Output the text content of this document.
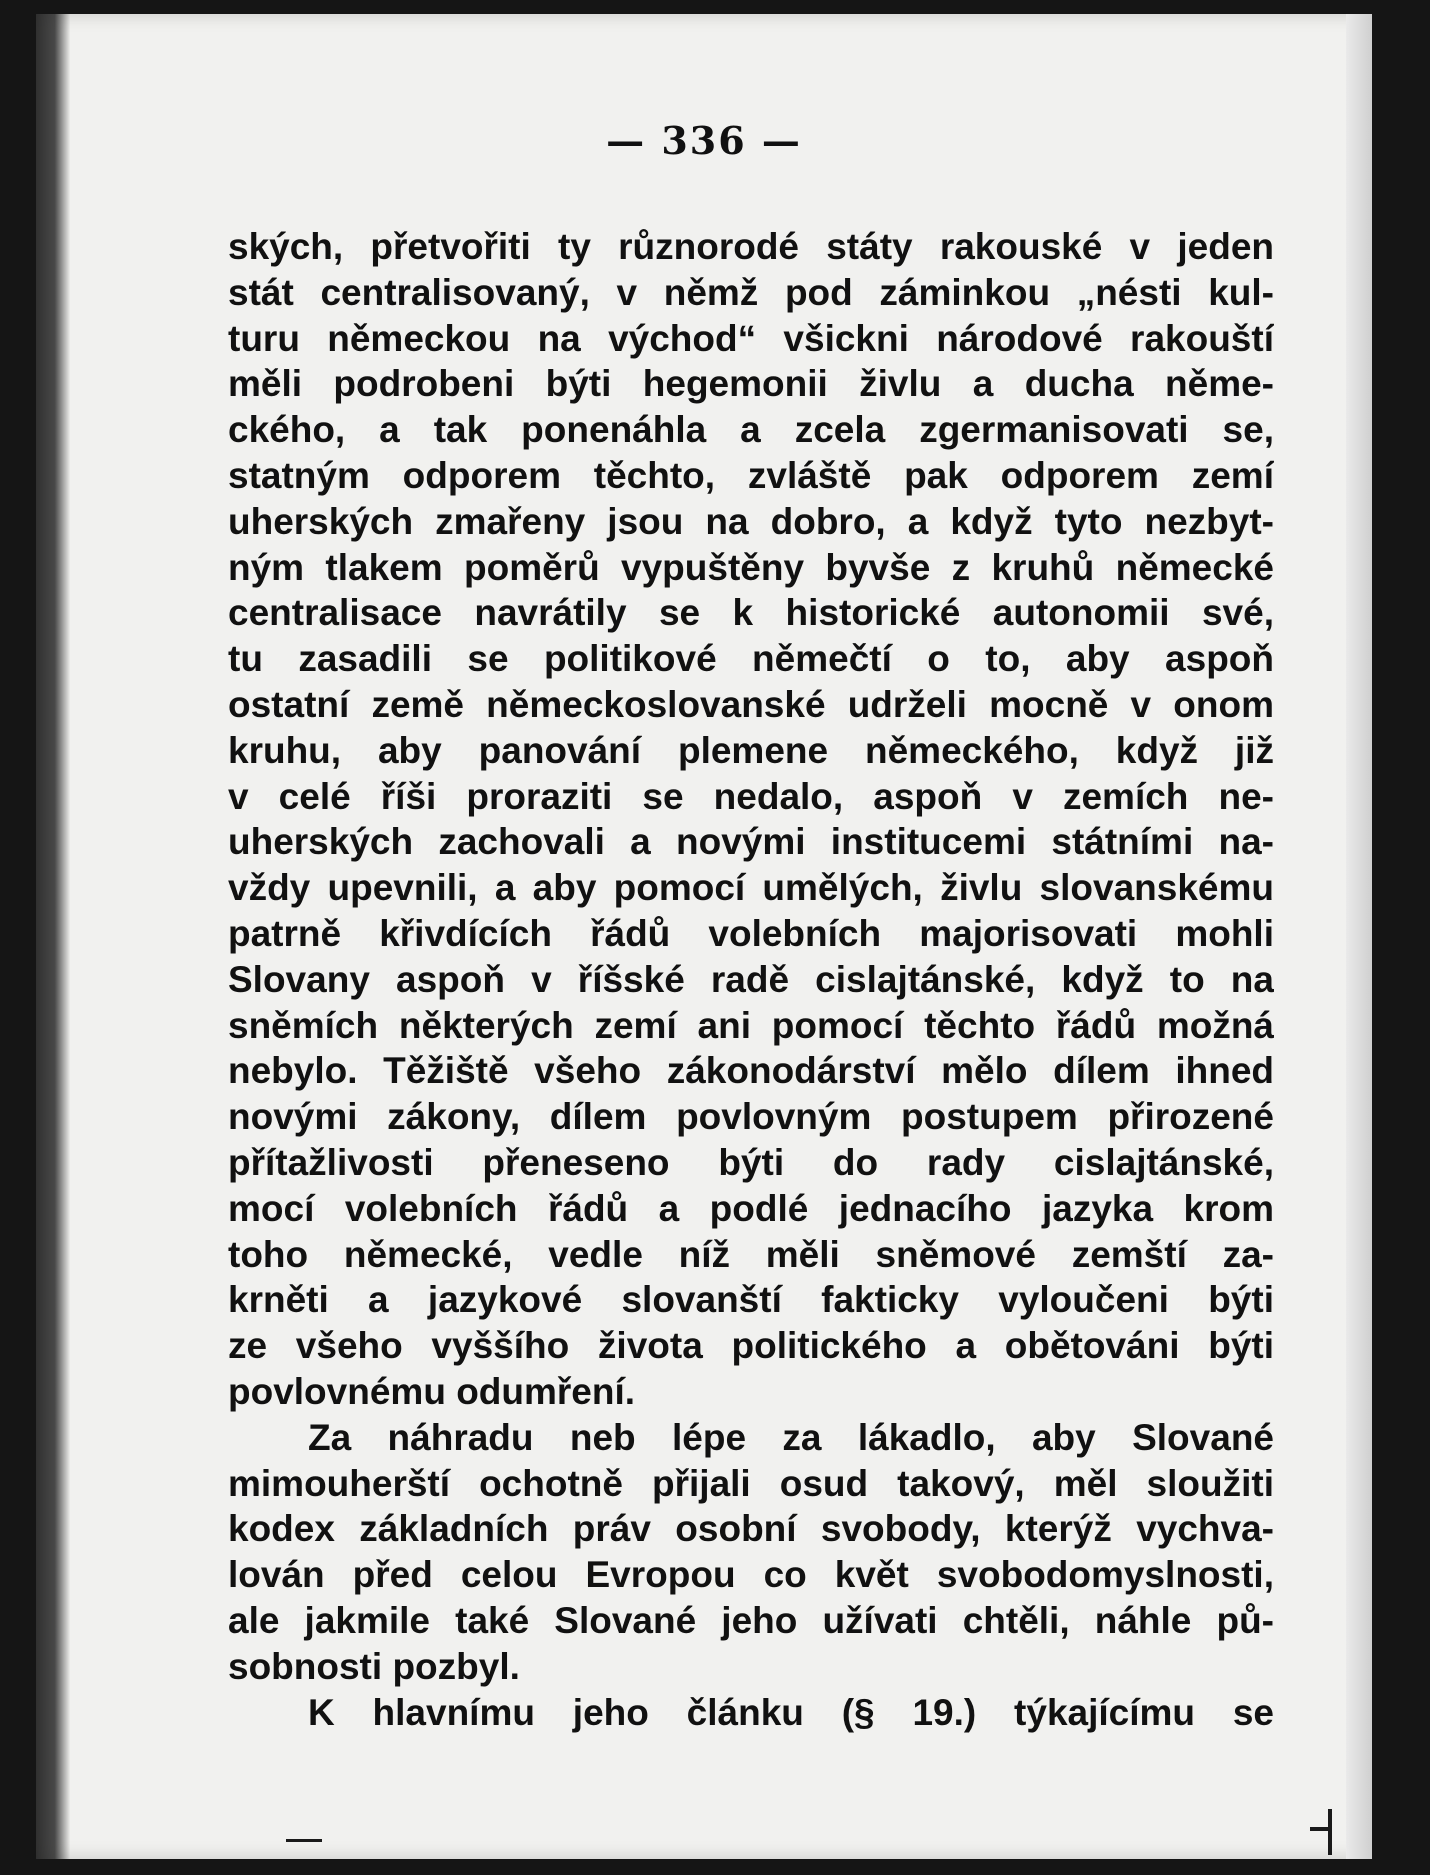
— 336 —
ských, přetvořiti ty různorodé státy rakouské v jeden
stát centralisovaný, v němž pod záminkou „nésti kul-
turu německou na východ“ všickni národové rakouští
měli podrobeni býti hegemonii živlu a ducha něme-
ckého, a tak ponenáhla a zcela zgermanisovati se,
statným odporem těchto, zvláště pak odporem zemí
uherských zmařeny jsou na dobro, a když tyto nezbyt-
ným tlakem poměrů vypuštěny byvše z kruhů německé
centralisace navrátily se k historické autonomii své,
tu zasadili se politikové němečtí o to, aby aspoň
ostatní země německoslovanské udrželi mocně v onom
kruhu, aby panování plemene německého, když již
v celé říši proraziti se nedalo, aspoň v zemích ne-
uherských zachovali a novými institucemi státními na-
vždy upevnili, a aby pomocí umělých, živlu slovanskému
patrně křivdících řádů volebních majorisovati mohli
Slovany aspoň v říšské radě cislajtánské, když to na
sněmích některých zemí ani pomocí těchto řádů možná
nebylo. Těžiště všeho zákonodárství mělo dílem ihned
novými zákony, dílem povlovným postupem přirozené
přítažlivosti přeneseno býti do rady cislajtánské,
mocí volebních řádů a podlé jednacího jazyka krom
toho německé, vedle níž měli sněmové zemští za-
krněti a jazykové slovanští fakticky vyloučeni býti
ze všeho vyššího života politického a obětováni býti
povlovnému odumření.
Za náhradu neb lépe za lákadlo, aby Slované
mimouherští ochotně přijali osud takový, měl sloužiti
kodex základních práv osobní svobody, kterýž vychva-
lován před celou Evropou co květ svobodomyslnosti,
ale jakmile také Slované jeho užívati chtěli, náhle pů-
sobnosti pozbyl.
K hlavnímu jeho článku (§ 19.) týkajícímu se
